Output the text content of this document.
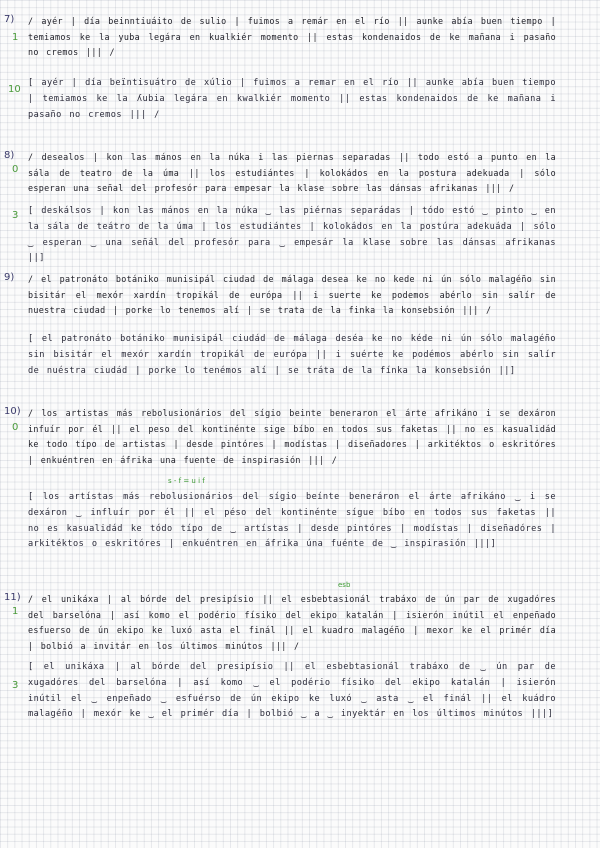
7)
1
/ ayér | día beinntiuáito de sulio | fuimos a remár en el río || aunke abía buen tiempo | temiamos ke la yuba legára en kualkiér momento || estas kondenaidos de ke mañana i pasaño no cremos ||| /
10
[ ayér | día beïntisuátro de xúlio | fuimos a remar en el río || aunke abía buen tiempo | temiamos ke la ʎubia legára en kwalkiér momento || estas kondenaidos de ke mañana i pasaño no cremos ||| /
8)
0
/ desealos | kon las mános en la núka i las piernas separadas || todo estó a punto en la sála de teatro de la úma || los estudiántes | kolokádos en la postura adekuada | sólo esperan una señal del profesór para empesar la klase sobre las dánsas afrikanas ||| /
3 [ deskálsos | kon las mános en la núka ‿ las piérnas separádas | tódo estó ‿ pinto ‿ en la sála de teátro de la úma | los estudiántes | kolokádos en la postúra adekuáda | sólo ‿ esperan ‿ una señál del profesór para ‿ empesár la klase sobre las dánsas afrikanas ||]
9) / el patronáto botániko munisipál ciudad de málaga desea ke no kede ni ún sólo malagéño sin bisitár el mexór xardín tropikál de európa || i suerte ke podemos abérlo sin salír de nuestra ciudad | porke lo tenemos alí | se trata de la finka la konsebsión ||| /
[ el patronáto botániko munisipál ciudád de málaga deséa ke no kéde ni ún sólo malagéño sin bisitár el mexór xardín tropikál de európa || i suérte ke podémos abérlo sin salír de nuéstra ciudád | porke lo tenémos alí | se tráta de la fínka la konsebsión ||]
10)
0
/ los artistas más rebolusionários del sígio beinte beneraron el árte afrikáno i se dexáron infuír por él || el peso del kontinénte sige bíbo en todos sus faketas || no es kasualidád ke todo típo de artistas | desde pintóres | modístas | diseñadores | arkitéktos o eskritóres | enkuéntren en áfrika una fuente de inspirasión ||| /
s - f = u i f
[ los artístas más rebolusionários del sígio beínte beneráron el árte afrikáno ‿ i se dexáron ‿ influír por él || el péso del kontinénte sígue bíbo en todos sus faketas || no es kasualidád ke tódo típo de ‿ artístas | desde pintóres | modístas | diseñadóres | arkitéktos o eskritóres | enkuéntren en áfrika úna fuénte de ‿ inspirasión |||]
11)
1
esb
/ el unikáxa | al bórde del presipísio || el esbebtasionál trabáxo de ún par de xugadóres del barselóna | así komo el podério físiko del ekipo katalán | isierón inútil el enpeñado esfuerso de ún ekipo ke luxó asta el finál || el kuadro malagéño | mexor ke el primér día | bolbió a invitár en los últimos minútos ||| /
3
[ el unikáxa | al bórde del presipísio || el esbebtasionál trabáxo de ‿ ún par de xugadóres del barselóna | así komo ‿ el podério físiko del ekipo katalán | isierón inútil el ‿ enpeñado ‿ esfuérso de ún ekipo ke luxó ‿ asta ‿ el finál || el kuádro malagéño | mexór ke ‿ el primér día | bolbió ‿ a ‿ inyektár en los últimos minútos |||]
